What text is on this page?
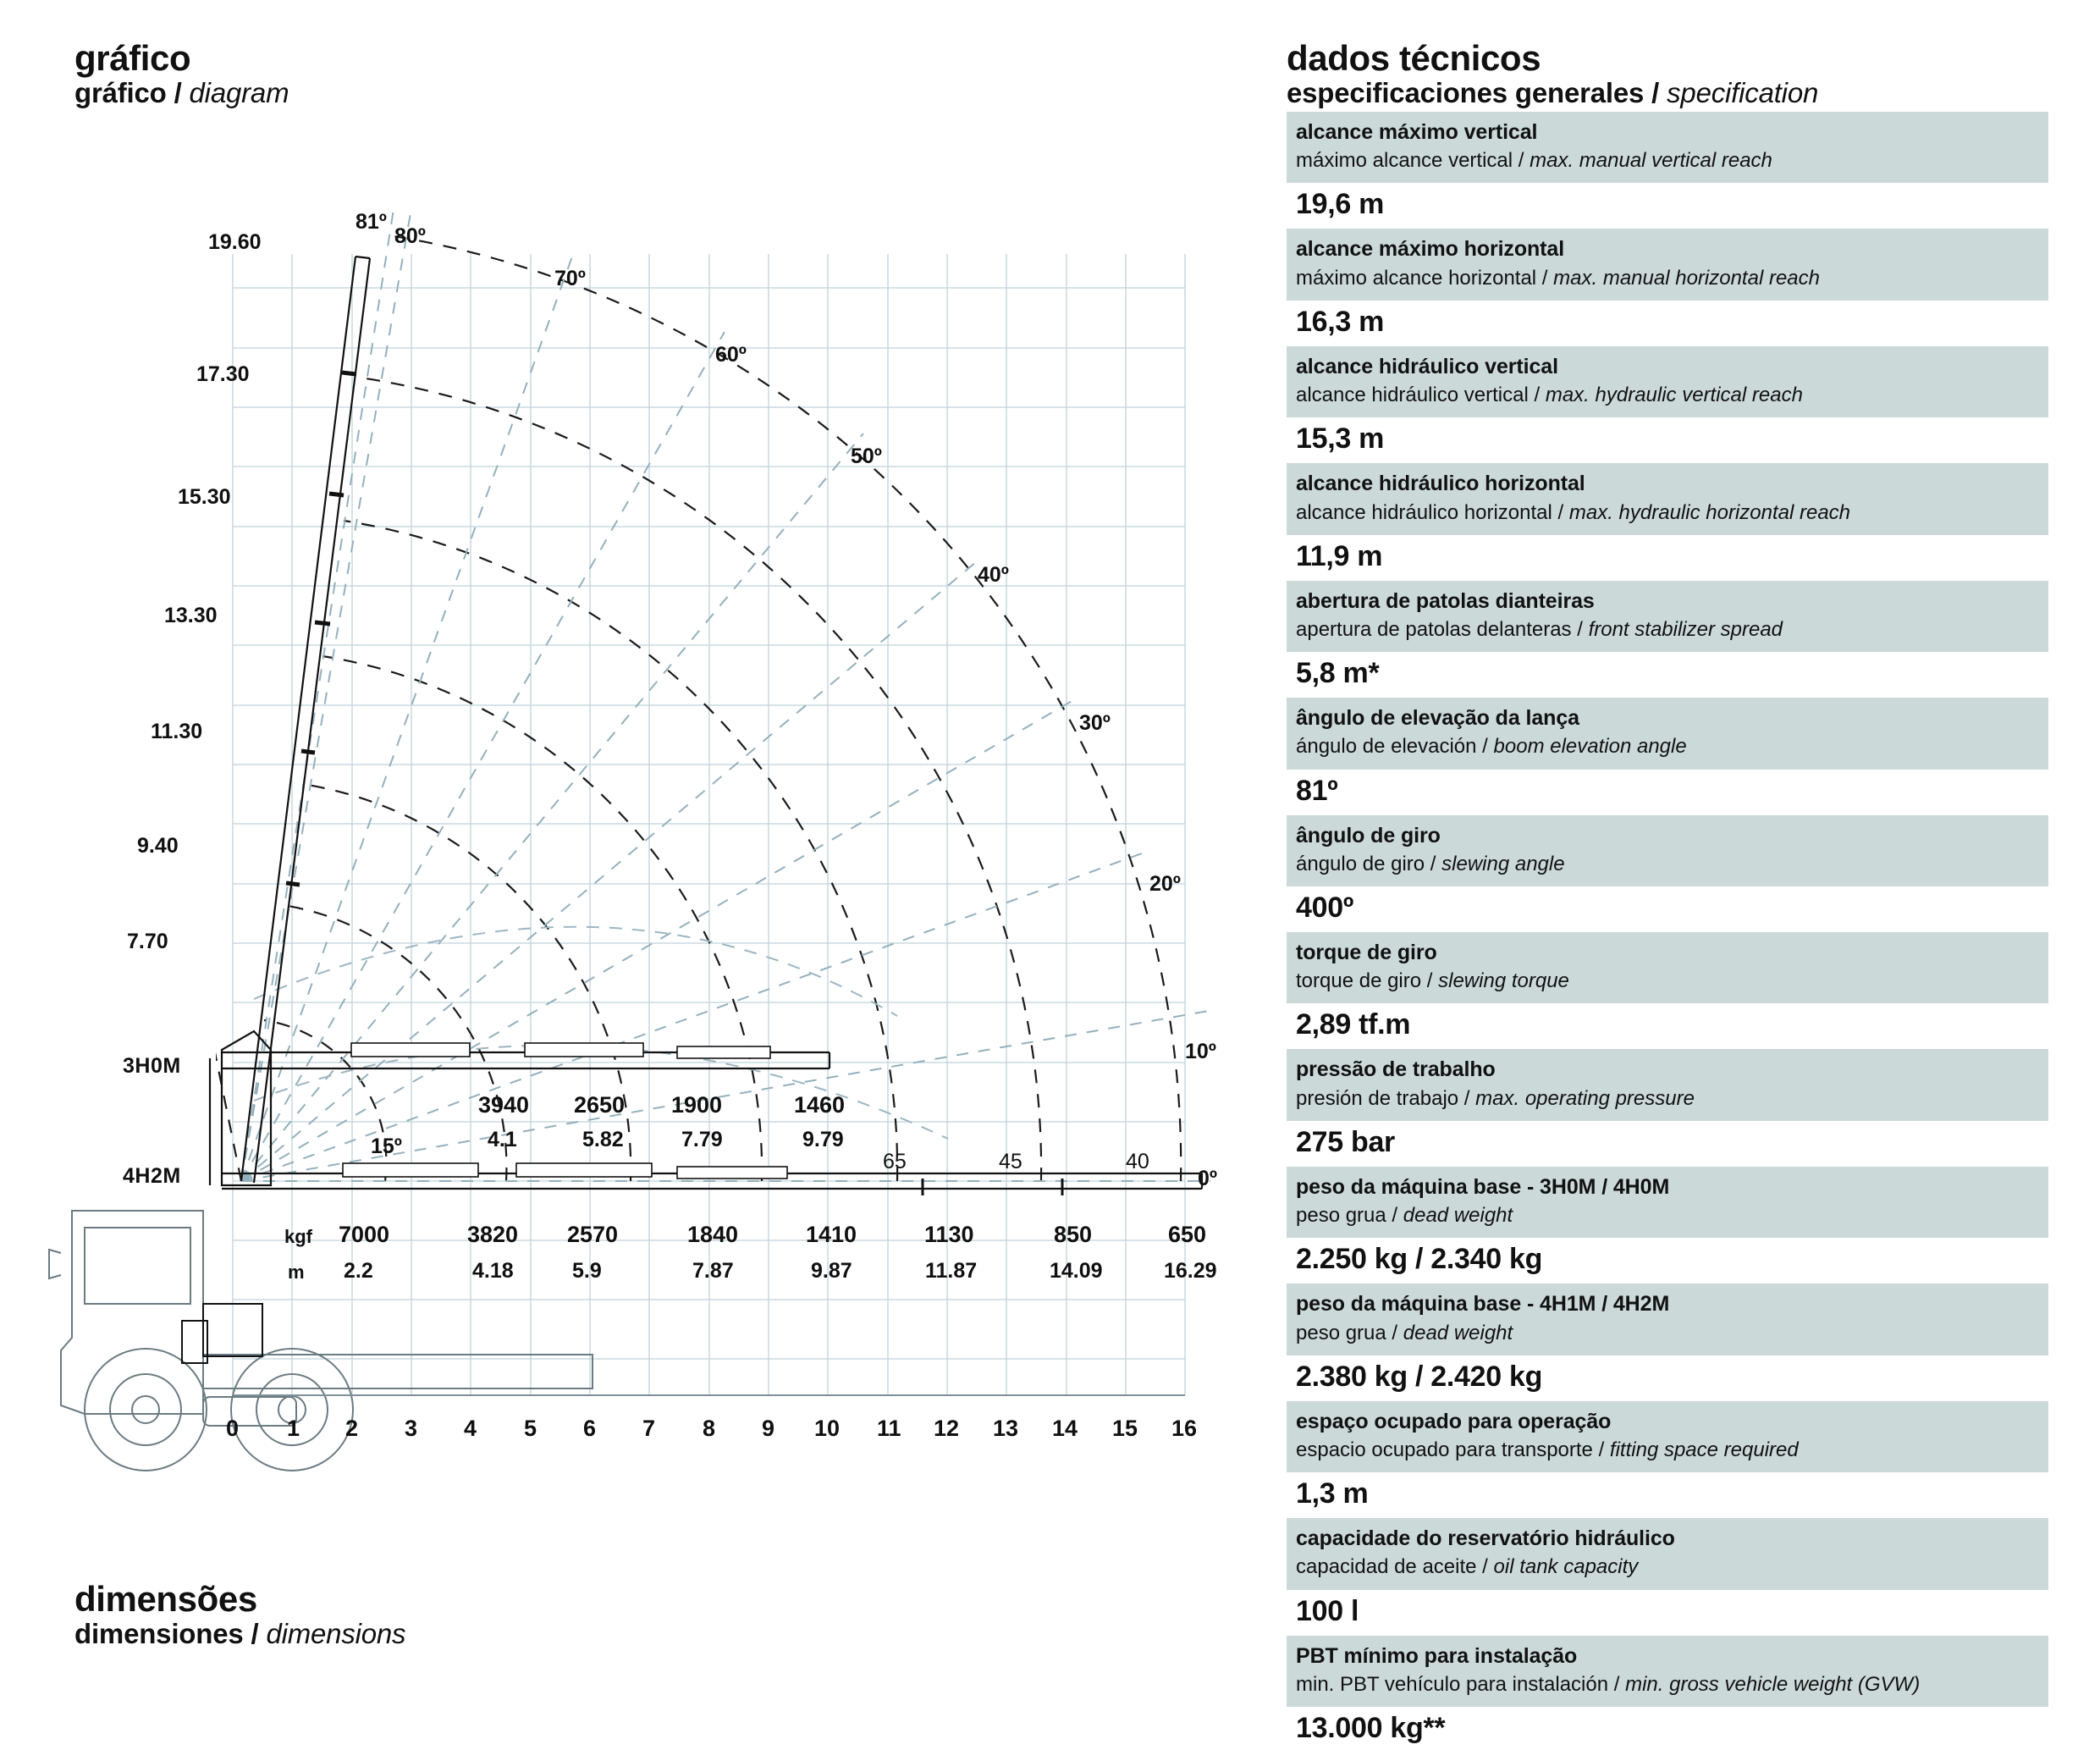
gráfico
gráfico / diagram
dimensões
dimensiones / dimensions
19.60
17.30
15.30
13.30
11.30
9.40
7.70
81º
80º
70º
60º
50º
40º
30º
20º
10º
0º
15º
3H0M
4H2M
3940 2650 1900	1460
4.1	5.82	7.79	9.79
65	45	40
kgf
m
7000	3820 2570	1840	1410	1130	850	650
2.2	4.18	5.9	7.87	9.87	11.87	14.09	16.29
0 1 2 3 4 5 6 7 8 9 10 11 12 13 14 15 16
dados técnicos
especificaciones generales / specification
alcance máximo vertical
máximo alcance vertical / max. manual vertical reach
19,6 m
alcance máximo horizontal
máximo alcance horizontal / max. manual horizontal reach
16,3 m
alcance hidráulico vertical
alcance hidráulico vertical / max. hydraulic vertical reach
15,3 m
alcance hidráulico horizontal
alcance hidráulico horizontal / max. hydraulic horizontal reach
11,9 m
abertura de patolas dianteiras
apertura de patolas delanteras / front stabilizer spread
5,8 m*
ângulo de elevação da lança
ángulo de elevación / boom elevation angle
81º
ângulo de giro
ángulo de giro / slewing angle
400º
torque de giro
torque de giro / slewing torque
2,89 tf.m
pressão de trabalho
presión de trabajo / max. operating pressure
275 bar
peso da máquina base - 3H0M / 4H0M
peso grua / dead weight
2.250 kg / 2.340 kg
peso da máquina base - 4H1M / 4H2M
peso grua / dead weight
2.380 kg / 2.420 kg
espaço ocupado para operação
espacio ocupado para transporte / fitting space required
1,3 m
capacidade do reservatório hidráulico
capacidad de aceite / oil tank capacity
100 l
PBT mínimo para instalação
min. PBT vehículo para instalación / min. gross vehicle weight (GVW)
13.000 kg**
